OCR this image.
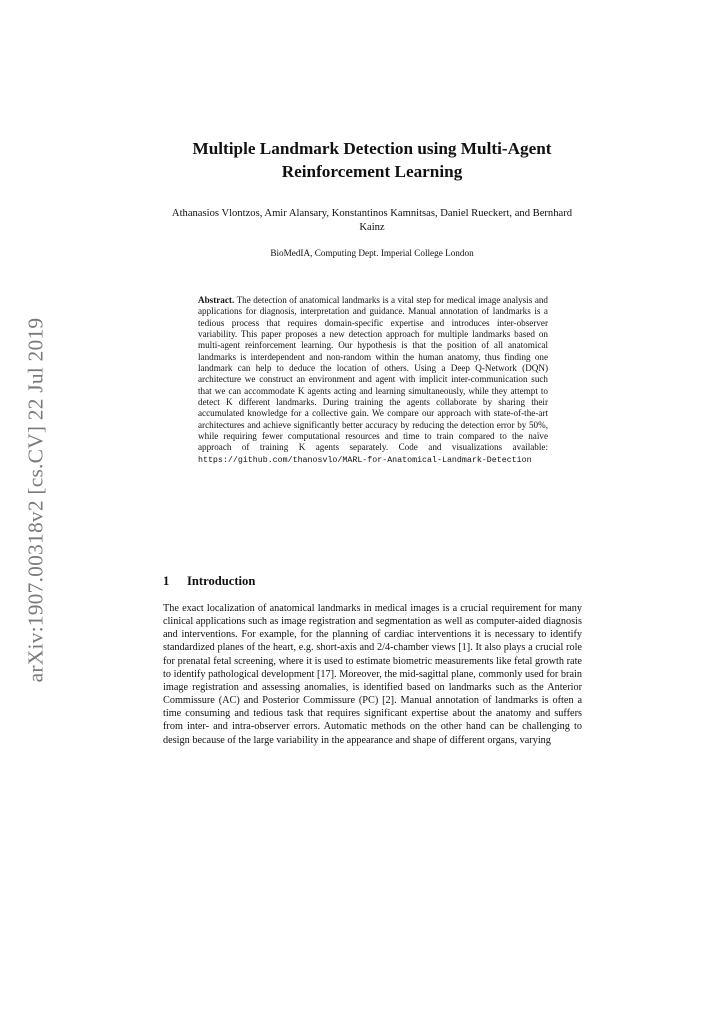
arXiv:1907.00318v2 [cs.CV] 22 Jul 2019
Multiple Landmark Detection using Multi-Agent Reinforcement Learning
Athanasios Vlontzos, Amir Alansary, Konstantinos Kamnitsas, Daniel Rueckert, and Bernhard Kainz
BioMedIA, Computing Dept. Imperial College London
Abstract. The detection of anatomical landmarks is a vital step for medical image analysis and applications for diagnosis, interpretation and guidance. Manual annotation of landmarks is a tedious process that requires domain-specific expertise and introduces inter-observer variability. This paper proposes a new detection approach for multiple landmarks based on multi-agent reinforcement learning. Our hypothesis is that the position of all anatomical landmarks is interdependent and non-random within the human anatomy, thus finding one landmark can help to deduce the location of others. Using a Deep Q-Network (DQN) architecture we construct an environment and agent with implicit inter-communication such that we can accommodate K agents acting and learning simultaneously, while they attempt to detect K different landmarks. During training the agents collaborate by sharing their accumulated knowledge for a collective gain. We compare our approach with state-of-the-art architectures and achieve significantly better accuracy by reducing the detection error by 50%, while requiring fewer computational resources and time to train compared to the naïve approach of training K agents separately. Code and visualizations available: https://github.com/thanosvlo/MARL-for-Anatomical-Landmark-Detection
1 Introduction
The exact localization of anatomical landmarks in medical images is a crucial requirement for many clinical applications such as image registration and segmentation as well as computer-aided diagnosis and interventions. For example, for the planning of cardiac interventions it is necessary to identify standardized planes of the heart, e.g. short-axis and 2/4-chamber views [1]. It also plays a crucial role for prenatal fetal screening, where it is used to estimate biometric measurements like fetal growth rate to identify pathological development [17]. Moreover, the mid-sagittal plane, commonly used for brain image registration and assessing anomalies, is identified based on landmarks such as the Anterior Commissure (AC) and Posterior Commissure (PC) [2]. Manual annotation of landmarks is often a time consuming and tedious task that requires significant expertise about the anatomy and suffers from inter- and intra-observer errors. Automatic methods on the other hand can be challenging to design because of the large variability in the appearance and shape of different organs, varying
